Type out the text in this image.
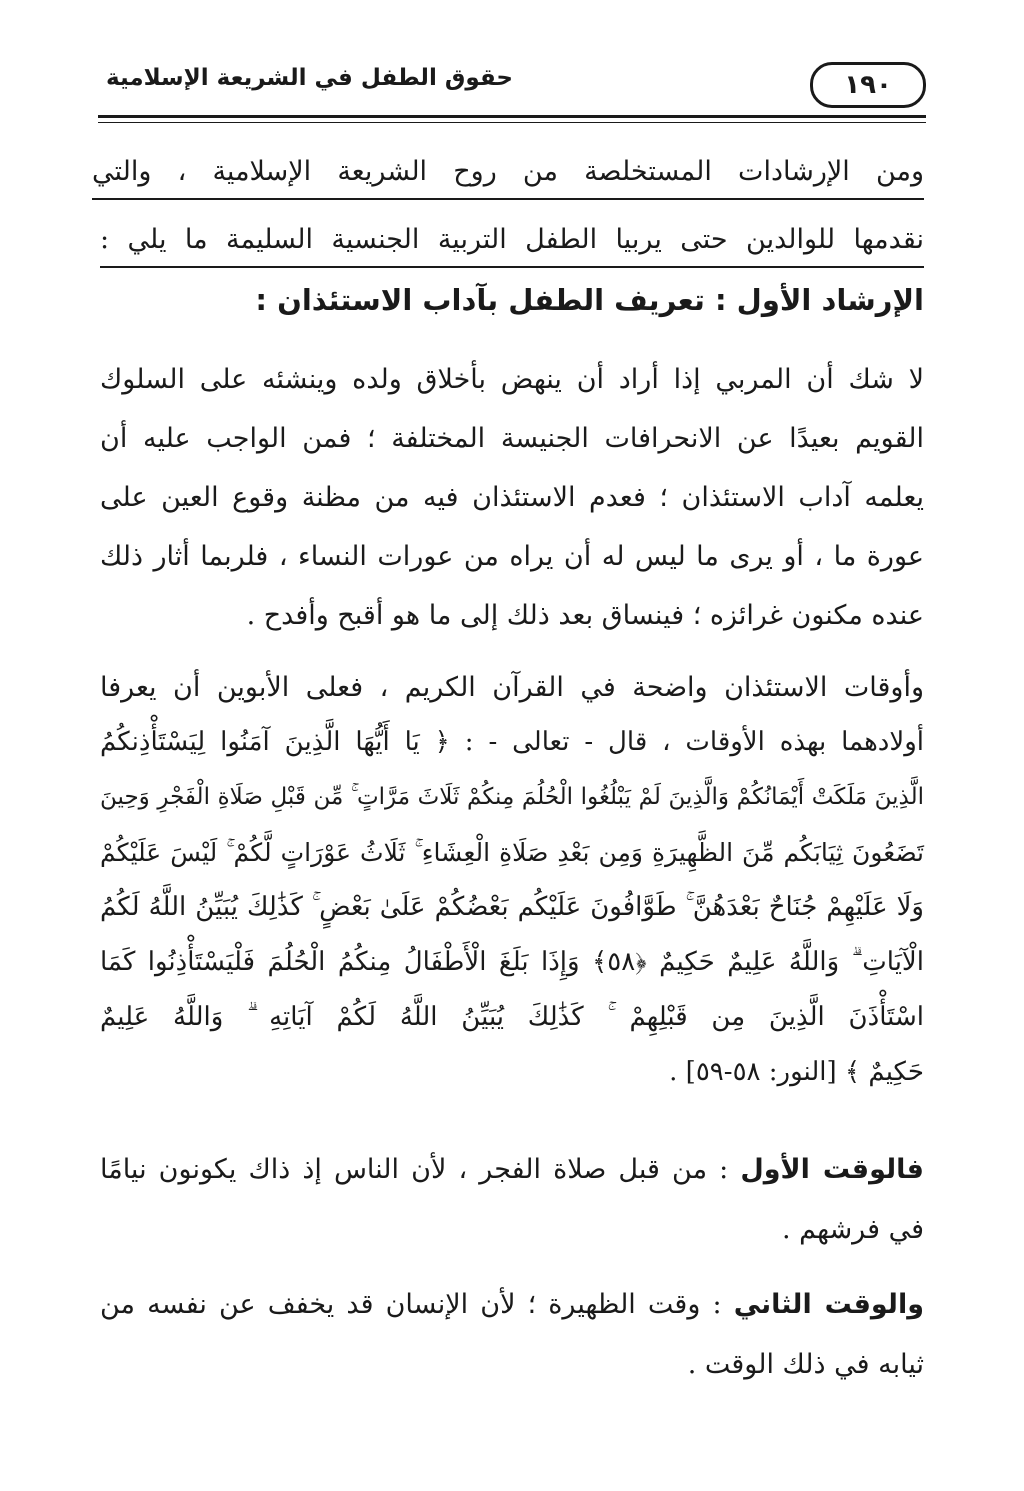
١٩٠
حقوق الطفل في الشريعة الإسلامية
ومن الإرشادات المستخلصة من روح الشريعة الإسلامية ، والتي
نقدمها للوالدين حتى يربيا الطفل التربية الجنسية السليمة ما يلي :
الإرشاد الأول : تعريف الطفل بآداب الاستئذان :
لا شك أن المربي إذا أراد أن ينهض بأخلاق ولده وينشئه على السلوك
القويم بعيدًا عن الانحرافات الجنيسة المختلفة ؛ فمن الواجب عليه أن
يعلمه آداب الاستئذان ؛ فعدم الاستئذان فيه من مظنة وقوع العين على
عورة ما ، أو يرى ما ليس له أن يراه من عورات النساء ، فلربما أثار ذلك
عنده مكنون غرائزه ؛ فينساق بعد ذلك إلى ما هو أقبح وأفدح .
وأوقات الاستئذان واضحة في القرآن الكريم ، فعلى الأبوين أن يعرفا
أولادهما بهذه الأوقات ، قال - تعالى - : ﴿ يَا أَيُّهَا الَّذِينَ آمَنُوا لِيَسْتَأْذِنكُمُ
الَّذِينَ مَلَكَتْ أَيْمَانُكُمْ وَالَّذِينَ لَمْ يَبْلُغُوا الْحُلُمَ مِنكُمْ ثَلَاثَ مَرَّاتٍ ۚ مِّن قَبْلِ صَلَاةِ الْفَجْرِ وَحِينَ
تَضَعُونَ ثِيَابَكُم مِّنَ الظَّهِيرَةِ وَمِن بَعْدِ صَلَاةِ الْعِشَاءِ ۚ ثَلَاثُ عَوْرَاتٍ لَّكُمْ ۚ لَيْسَ عَلَيْكُمْ
وَلَا عَلَيْهِمْ جُنَاحٌ بَعْدَهُنَّ ۚ طَوَّافُونَ عَلَيْكُم بَعْضُكُمْ عَلَىٰ بَعْضٍ ۚ كَذَٰلِكَ يُبَيِّنُ اللَّهُ لَكُمُ
الْآيَاتِ ۗ وَاللَّهُ عَلِيمٌ حَكِيمٌ ﴿٥٨﴾ وَإِذَا بَلَغَ الْأَطْفَالُ مِنكُمُ الْحُلُمَ فَلْيَسْتَأْذِنُوا كَمَا
اسْتَأْذَنَ الَّذِينَ مِن قَبْلِهِمْ ۚ كَذَٰلِكَ يُبَيِّنُ اللَّهُ لَكُمْ آيَاتِهِ ۗ وَاللَّهُ عَلِيمٌ
حَكِيمٌ ﴾ [النور: ٥٨-٥٩] .
فالوقت الأول : من قبل صلاة الفجر ، لأن الناس إذ ذاك يكونون نيامًا
في فرشهم .
والوقت الثاني : وقت الظهيرة ؛ لأن الإنسان قد يخفف عن نفسه من
ثيابه في ذلك الوقت .
